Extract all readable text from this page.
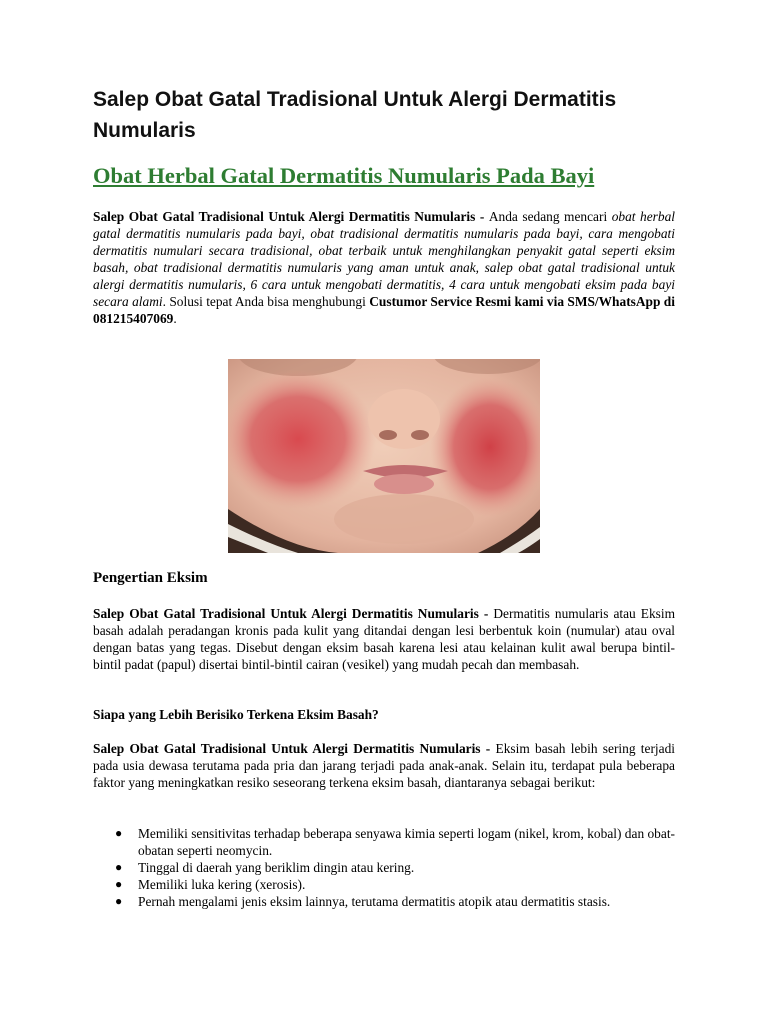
Salep Obat Gatal Tradisional Untuk Alergi Dermatitis Numularis
Obat Herbal Gatal Dermatitis Numularis Pada Bayi

Salep Obat Gatal Tradisional Untuk Alergi Dermatitis Numularis - Anda sedang mencari obat herbal gatal dermatitis numularis pada bayi, obat tradisional dermatitis numularis pada bayi, cara mengobati dermatitis numulari secara tradisional, obat terbaik untuk menghilangkan penyakit gatal seperti eksim basah, obat tradisional dermatitis numularis yang aman untuk anak, salep obat gatal tradisional untuk alergi dermatitis numularis, 6 cara untuk mengobati dermatitis, 4 cara untuk mengobati eksim pada bayi secara alami. Solusi tepat Anda bisa menghubungi Custumor Service Resmi kami via SMS/WhatsApp di 081215407069.

Pengertian Eksim

Salep Obat Gatal Tradisional Untuk Alergi Dermatitis Numularis - Dermatitis numularis atau Eksim basah adalah peradangan kronis pada kulit yang ditandai dengan lesi berbentuk koin (numular) atau oval dengan batas yang tegas. Disebut dengan eksim basah karena lesi atau kelainan kulit awal berupa bintil-bintil padat (papul) disertai bintil-bintil cairan (vesikel) yang mudah pecah dan membasah.

Siapa yang Lebih Berisiko Terkena Eksim Basah?

Salep Obat Gatal Tradisional Untuk Alergi Dermatitis Numularis - Eksim basah lebih sering terjadi pada usia dewasa terutama pada pria dan jarang terjadi pada anak-anak. Selain itu, terdapat pula beberapa faktor yang meningkatkan resiko seseorang terkena eksim basah, diantaranya sebagai berikut:

● Memiliki sensitivitas terhadap beberapa senyawa kimia seperti logam (nikel, krom, kobal) dan obat-obatan seperti neomycin.
● Tinggal di daerah yang beriklim dingin atau kering.
● Memiliki luka kering (xerosis).
● Pernah mengalami jenis eksim lainnya, terutama dermatitis atopik atau dermatitis stasis.
